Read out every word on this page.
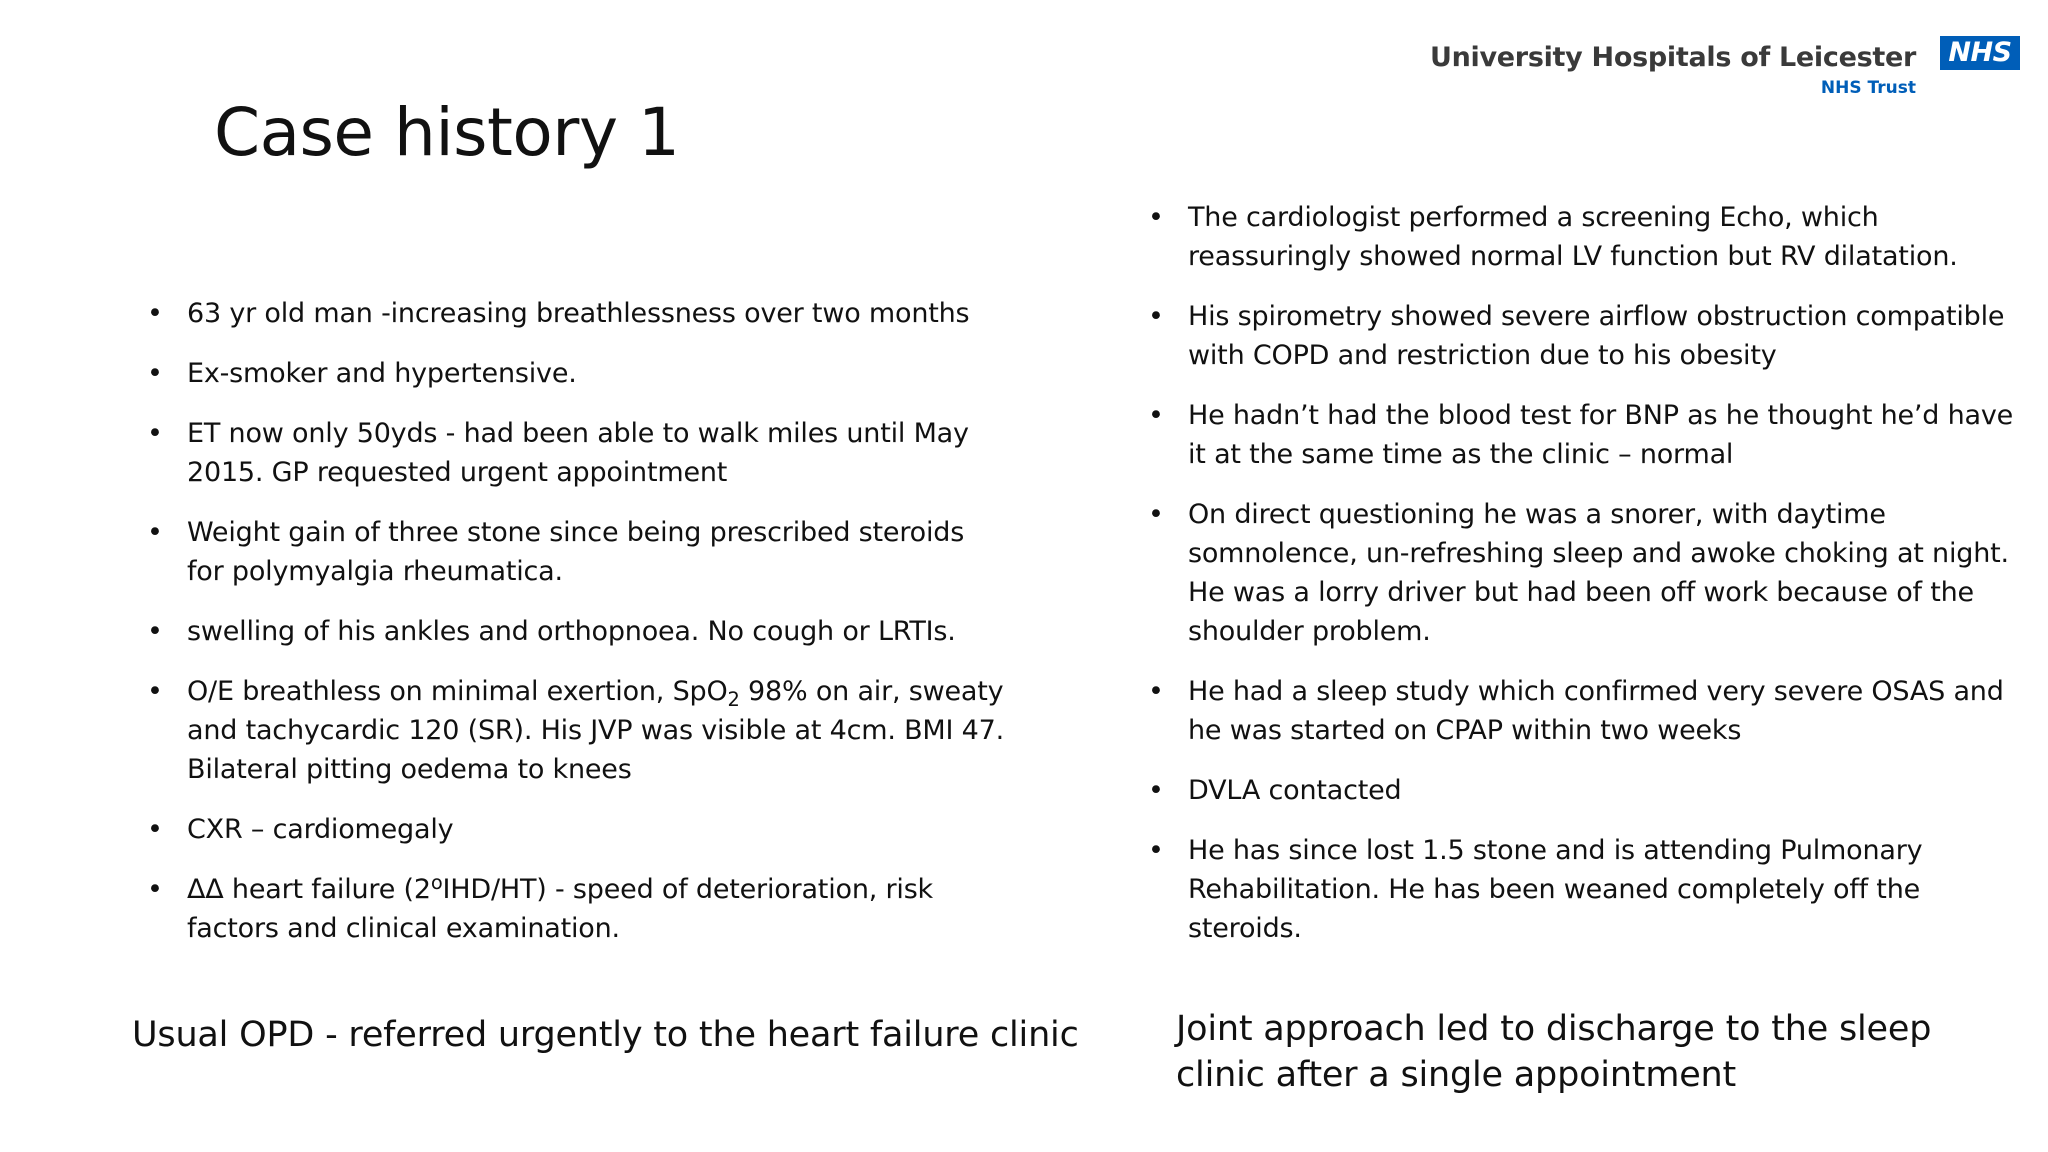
University Hospitals of Leicester	NHS
NHS Trust
Case history 1
• 63 yr old man -increasing breathlessness over two months
• Ex-smoker and hypertensive.
• ET now only 50yds - had been able to walk miles until May 2015. GP requested urgent appointment
• Weight gain of three stone since being prescribed steroids for polymyalgia rheumatica.
• swelling of his ankles and orthopnoea. No cough or LRTIs.
• O/E breathless on minimal exertion, SpO$_2$ 98% on air, sweaty and tachycardic 120 (SR). His JVP was visible at 4cm. BMI 47. Bilateral pitting oedema to knees
• CXR – cardiomegaly
• ΔΔ heart failure (2$^o$IHD/HT) - speed of deterioration, risk factors and clinical examination.
• The cardiologist performed a screening Echo, which reassuringly showed normal LV function but RV dilatation.
• His spirometry showed severe airflow obstruction compatible with COPD and restriction due to his obesity
• He hadn’t had the blood test for BNP as he thought he’d have it at the same time as the clinic – normal
• On direct questioning he was a snorer, with daytime somnolence, un-refreshing sleep and awoke choking at night. He was a lorry driver but had been off work because of the shoulder problem.
• He had a sleep study which confirmed very severe OSAS and he was started on CPAP within two weeks
• DVLA contacted
• He has since lost 1.5 stone and is attending Pulmonary Rehabilitation. He has been weaned completely off the steroids.
Usual OPD - referred urgently to the heart failure clinic	Joint approach led to discharge to the sleep clinic after a single appointment
